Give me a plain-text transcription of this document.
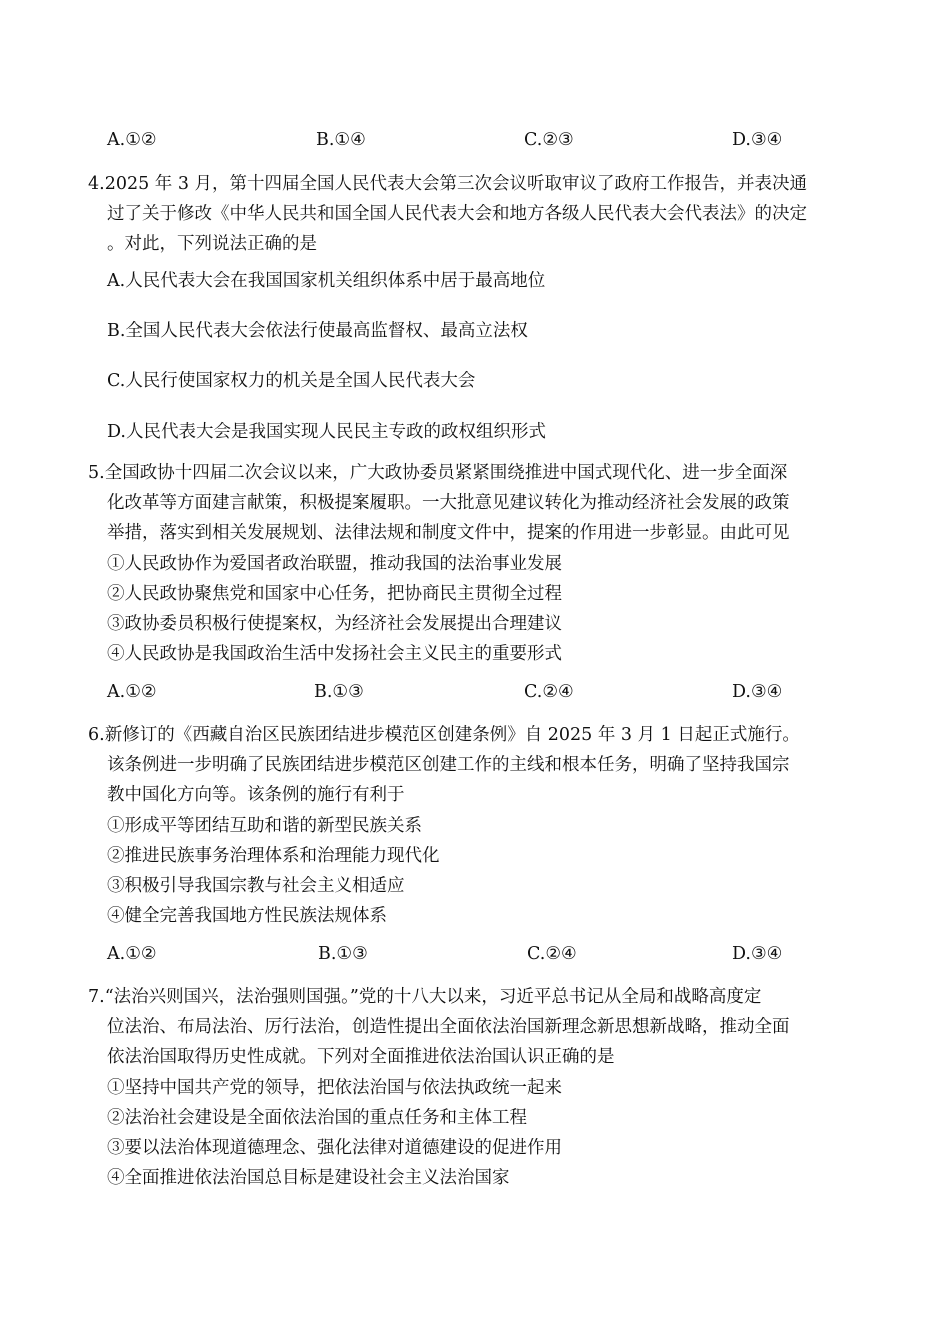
A.①②	B.①④	C.②③	D.③④
4.2025 年 3 月，第十四届全国人民代表大会第三次会议听取审议了政府工作报告，并表决通
过了关于修改《中华人民共和国全国人民代表大会和地方各级人民代表大会代表法》的决定
。对此，下列说法正确的是
A.人民代表大会在我国国家机关组织体系中居于最高地位
B.全国人民代表大会依法行使最高监督权、最高立法权
C.人民行使国家权力的机关是全国人民代表大会
D.人民代表大会是我国实现人民民主专政的政权组织形式
5.全国政协十四届二次会议以来，广大政协委员紧紧围绕推进中国式现代化、进一步全面深
化改革等方面建言献策，积极提案履职。一大批意见建议转化为推动经济社会发展的政策
举措，落实到相关发展规划、法律法规和制度文件中，提案的作用进一步彰显。由此可见
①人民政协作为爱国者政治联盟，推动我国的法治事业发展
②人民政协聚焦党和国家中心任务，把协商民主贯彻全过程
③政协委员积极行使提案权，为经济社会发展提出合理建议
④人民政协是我国政治生活中发扬社会主义民主的重要形式
A.①②	B.①③	C.②④	D.③④
6.新修订的《西藏自治区民族团结进步模范区创建条例》自 2025 年 3 月 1 日起正式施行。
该条例进一步明确了民族团结进步模范区创建工作的主线和根本任务，明确了坚持我国宗
教中国化方向等。该条例的施行有利于
①形成平等团结互助和谐的新型民族关系
②推进民族事务治理体系和治理能力现代化
③积极引导我国宗教与社会主义相适应
④健全完善我国地方性民族法规体系
A.①②	B.①③	C.②④	D.③④
7.“法治兴则国兴，法治强则国强。”党的十八大以来，习近平总书记从全局和战略高度定
位法治、布局法治、厉行法治，创造性提出全面依法治国新理念新思想新战略，推动全面
依法治国取得历史性成就。下列对全面推进依法治国认识正确的是
①坚持中国共产党的领导，把依法治国与依法执政统一起来
②法治社会建设是全面依法治国的重点任务和主体工程
③要以法治体现道德理念、强化法律对道德建设的促进作用
④全面推进依法治国总目标是建设社会主义法治国家
